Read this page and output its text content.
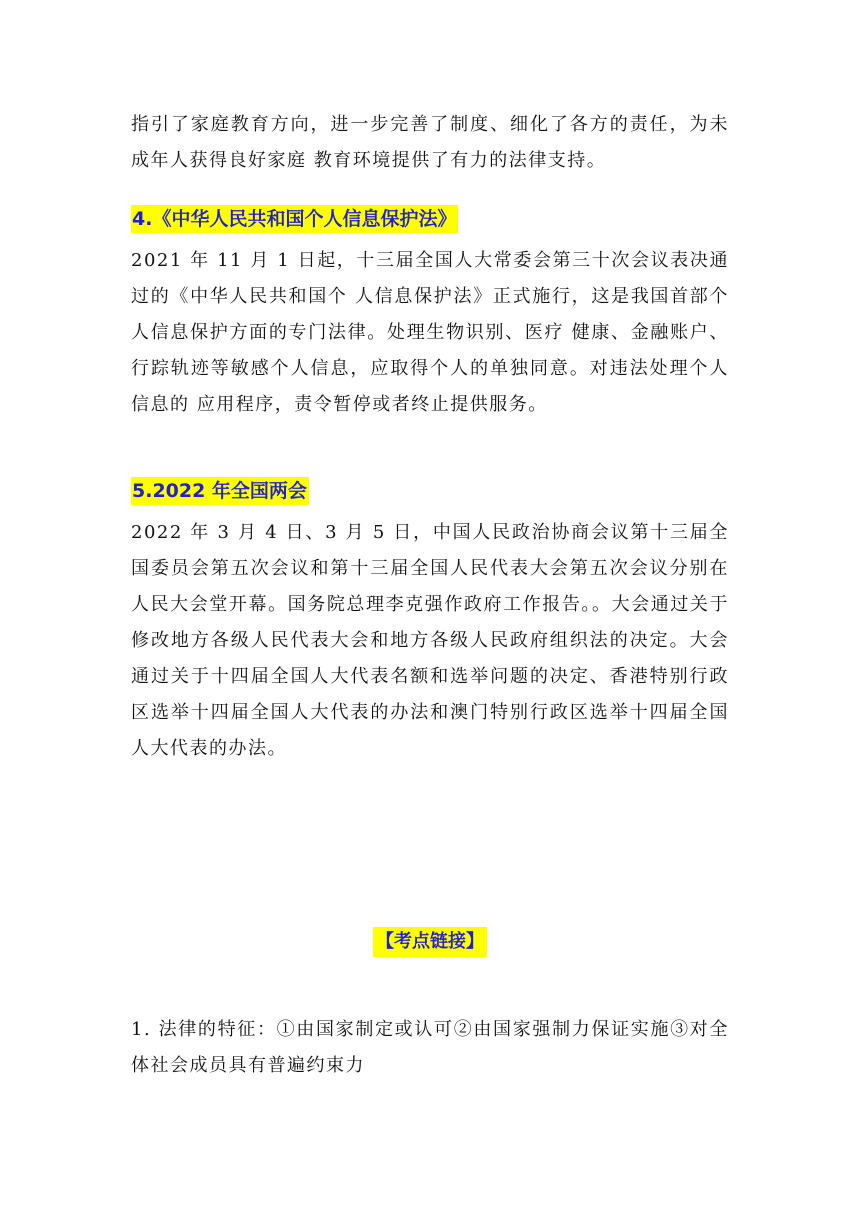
指引了家庭教育方向，进一步完善了制度、细化了各方的责任，为未成年人获得良好家庭 教育环境提供了有力的法律支持。
4.《中华人民共和国个人信息保护法》
2021 年 11 月 1 日起，十三届全国人大常委会第三十次会议表决通过的《中华人民共和国个 人信息保护法》正式施行，这是我国首部个人信息保护方面的专门法律。处理生物识别、医疗 健康、金融账户、行踪轨迹等敏感个人信息，应取得个人的单独同意。对违法处理个人信息的 应用程序，责令暂停或者终止提供服务。
5.2022 年全国两会
2022 年 3 月 4 日、3 月 5 日，中国人民政治协商会议第十三届全国委员会第五次会议和第十三届全国人民代表大会第五次会议分别在人民大会堂开幕。国务院总理李克强作政府工作报告。。大会通过关于修改地方各级人民代表大会和地方各级人民政府组织法的决定。大会通过关于十四届全国人大代表名额和选举问题的决定、香港特别行政区选举十四届全国人大代表的办法和澳门特别行政区选举十四届全国人大代表的办法。
【考点链接】
1. 法律的特征：①由国家制定或认可②由国家强制力保证实施③对全体社会成员具有普遍约束力
